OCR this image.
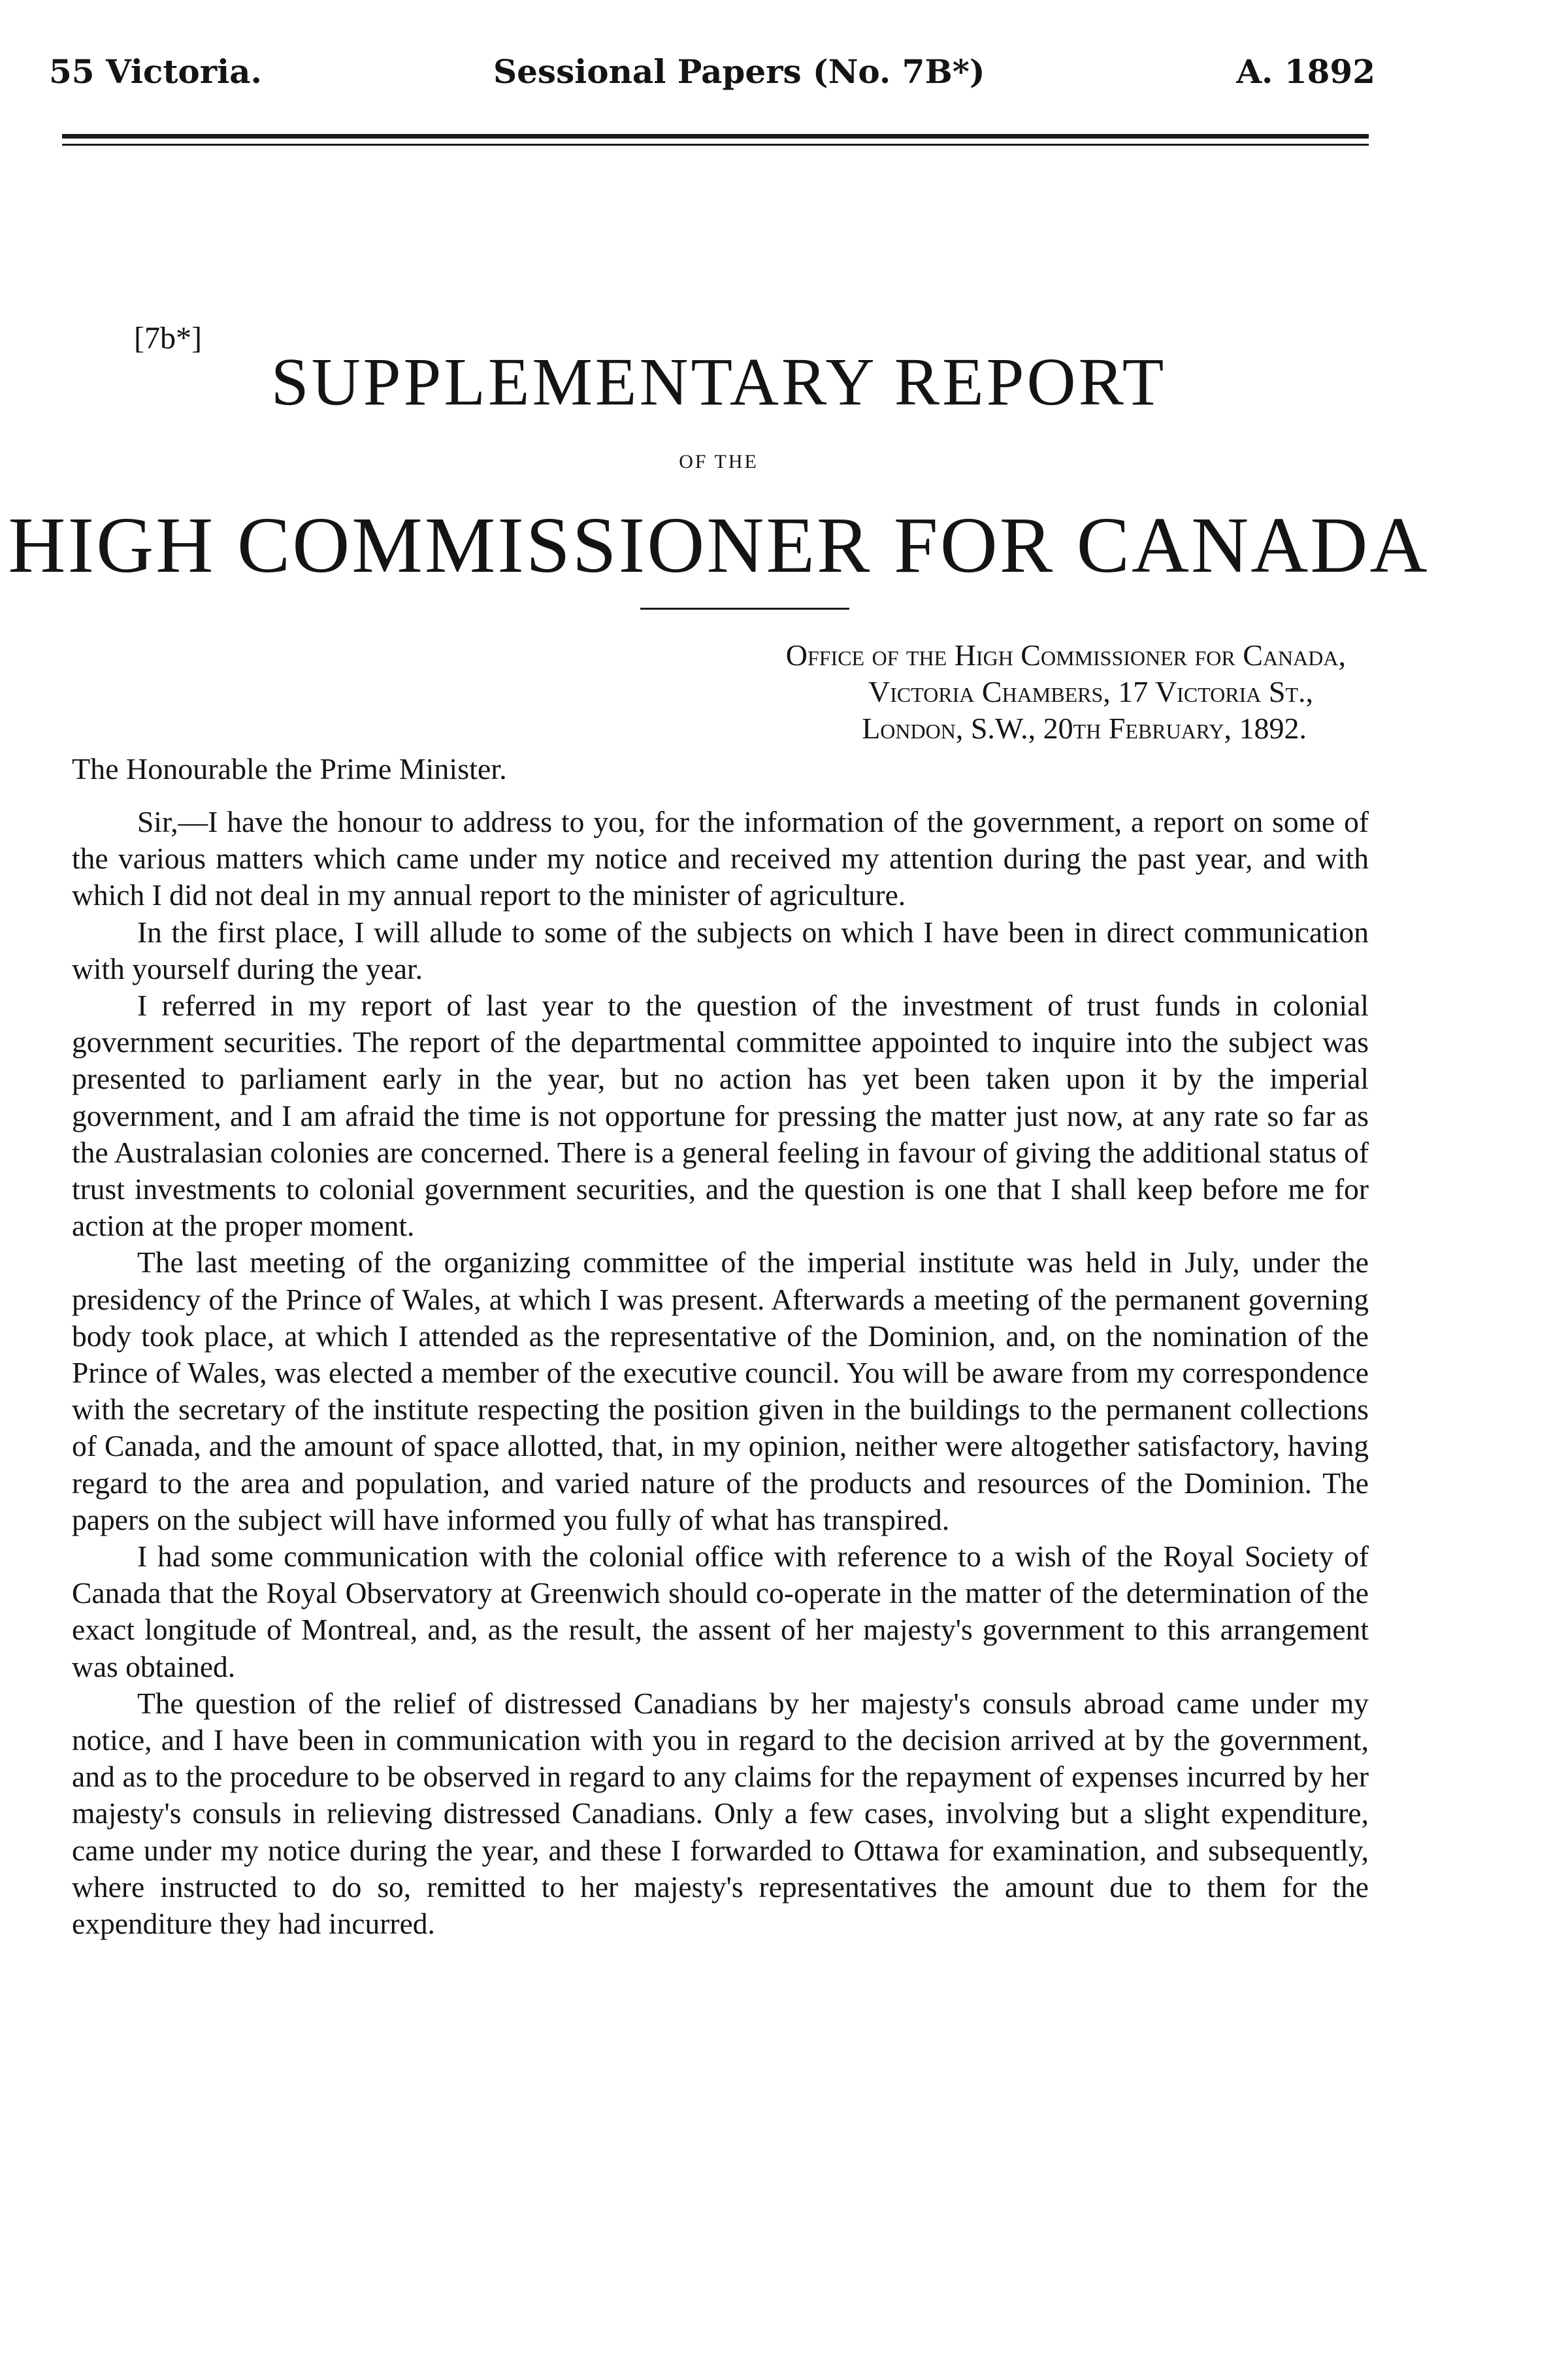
55 Victoria.	Sessional Papers (No. 7B*)	A. 1892
[7b*]
SUPPLEMENTARY REPORT
OF THE
HIGH COMMISSIONER FOR CANADA
Office of the High Commissioner for Canada,
Victoria Chambers, 17 Victoria St.,
London, S.W., 20th February, 1892.
The Honourable the Prime Minister.

Sir,—I have the honour to address to you, for the information of the government, a report on some of the various matters which came under my notice and received my attention during the past year, and with which I did not deal in my annual report to the minister of agriculture.

In the first place, I will allude to some of the subjects on which I have been in direct communication with yourself during the year.

I referred in my report of last year to the question of the investment of trust funds in colonial government securities. The report of the departmental committee appointed to inquire into the subject was presented to parliament early in the year, but no action has yet been taken upon it by the imperial government, and I am afraid the time is not opportune for pressing the matter just now, at any rate so far as the Australasian colonies are concerned. There is a general feeling in favour of giving the additional status of trust investments to colonial government securities, and the question is one that I shall keep before me for action at the proper moment.

The last meeting of the organizing committee of the imperial institute was held in July, under the presidency of the Prince of Wales, at which I was present. Afterwards a meeting of the permanent governing body took place, at which I attended as the representative of the Dominion, and, on the nomination of the Prince of Wales, was elected a member of the executive council. You will be aware from my correspondence with the secretary of the institute respecting the position given in the buildings to the permanent collections of Canada, and the amount of space allotted, that, in my opinion, neither were altogether satisfactory, having regard to the area and population, and varied nature of the products and resources of the Dominion. The papers on the subject will have informed you fully of what has transpired.

I had some communication with the colonial office with reference to a wish of the Royal Society of Canada that the Royal Observatory at Greenwich should co-operate in the matter of the determination of the exact longitude of Montreal, and, as the result, the assent of her majesty's government to this arrangement was obtained.

The question of the relief of distressed Canadians by her majesty's consuls abroad came under my notice, and I have been in communication with you in regard to the decision arrived at by the government, and as to the procedure to be observed in regard to any claims for the repayment of expenses incurred by her majesty's consuls in relieving distressed Canadians. Only a few cases, involving but a slight expenditure, came under my notice during the year, and these I forwarded to Ottawa for examination, and subsequently, where instructed to do so, remitted to her majesty's representatives the amount due to them for the expenditure they had incurred.
